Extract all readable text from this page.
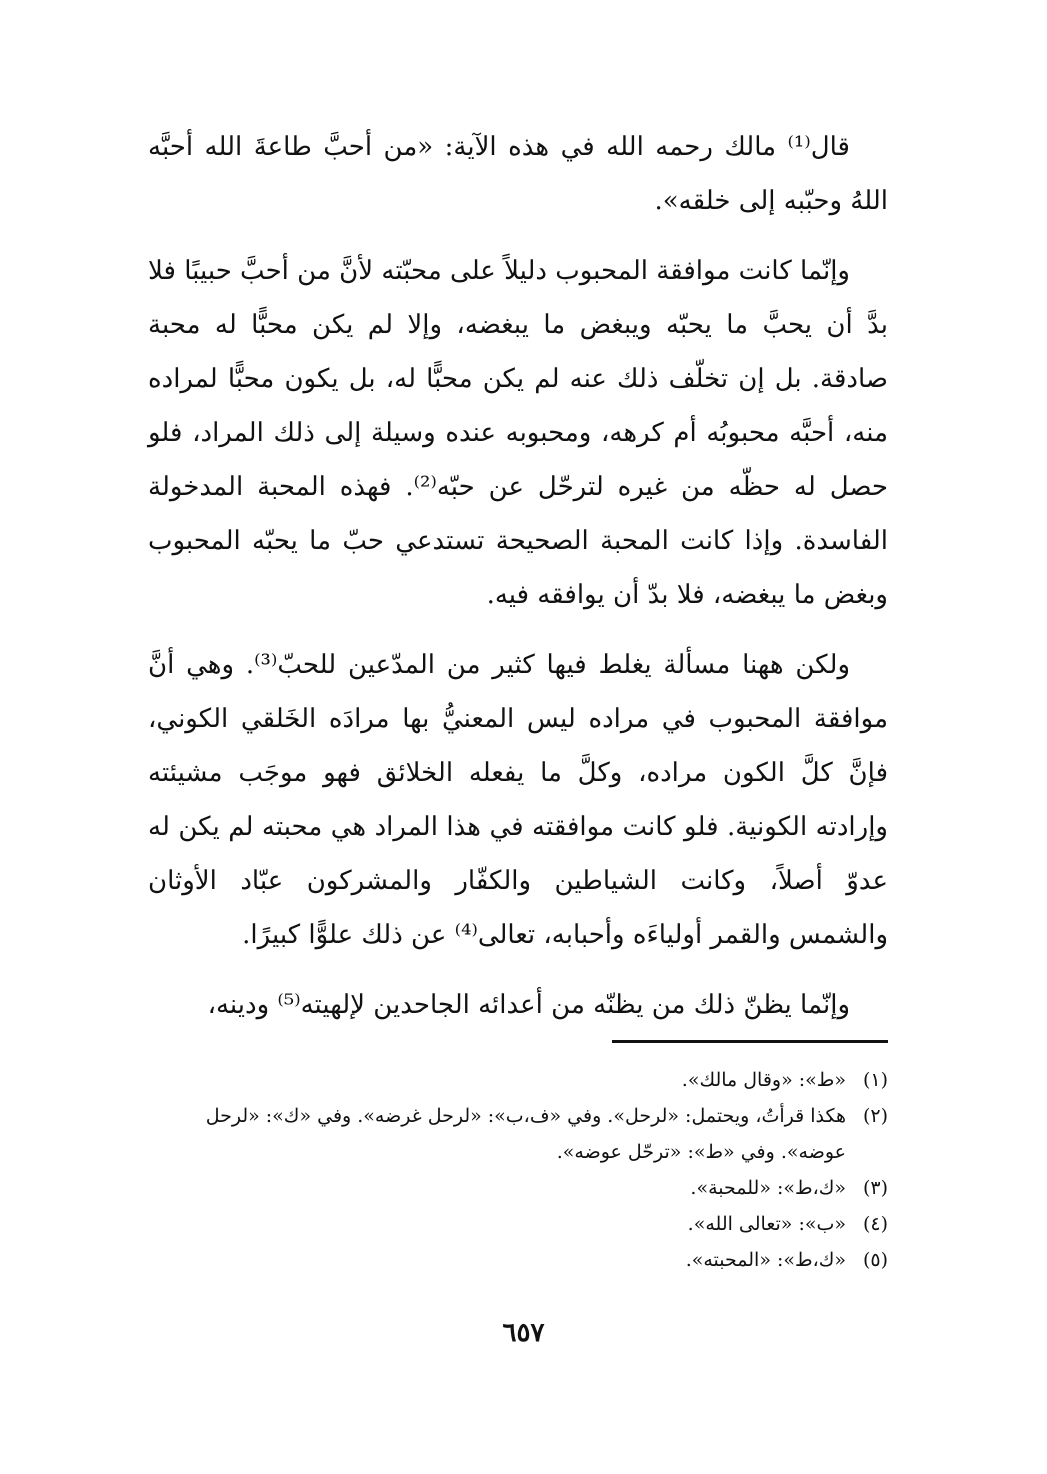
قال⁽¹⁾ مالك رحمه الله في هذه الآية: «من أحبَّ طاعةَ الله أحبَّه اللهُ وحبّبه إلى خلقه».

وإنّما كانت موافقة المحبوب دليلاً على محبّته لأنَّ من أحبَّ حبيبًا فلا بدَّ أن يحبَّ ما يحبّه ويبغض ما يبغضه، وإلا لم يكن محبًّا له محبة صادقة. بل إن تخلّف ذلك عنه لم يكن محبًّا له، بل يكون محبًّا لمراده منه، أحبَّه محبوبُه أم كرهه، ومحبوبه عنده وسيلة إلى ذلك المراد، فلو حصل له حظّه من غيره لترحّل عن حبّه⁽²⁾. فهذه المحبة المدخولة الفاسدة. وإذا كانت المحبة الصحيحة تستدعي حبّ ما يحبّه المحبوب وبغض ما يبغضه، فلا بدّ أن يوافقه فيه.

ولكن ههنا مسألة يغلط فيها كثير من المدّعين للحبّ⁽³⁾. وهي أنَّ موافقة المحبوب في مراده ليس المعنيُّ بها مرادَه الخَلقي الكوني، فإنَّ كلَّ الكون مراده، وكلَّ ما يفعله الخلائق فهو موجَب مشيئته وإرادته الكونية. فلو كانت موافقته في هذا المراد هي محبته لم يكن له عدوّ أصلاً، وكانت الشياطين والكفّار والمشركون عبّاد الأوثان والشمس والقمر أولياءَه وأحبابه، تعالى⁽⁴⁾ عن ذلك علوًّا كبيرًا.

وإنّما يظنّ ذلك من يظنّه من أعدائه الجاحدين لإلهيته⁽⁵⁾ ودينه،

(١)
«ط»: «وقال مالك».
(٢)
هكذا قرأتُ، ويحتمل: «لرحل». وفي «ف،ب»: «لرحل غرضه». وفي «ك»: «لرحل عوضه». وفي «ط»: «ترحّل عوضه».
(٣)
«ك،ط»: «للمحبة».
(٤)
«ب»: «تعالى الله».
(٥)
«ك،ط»: «المحبته».
٦٥٧
